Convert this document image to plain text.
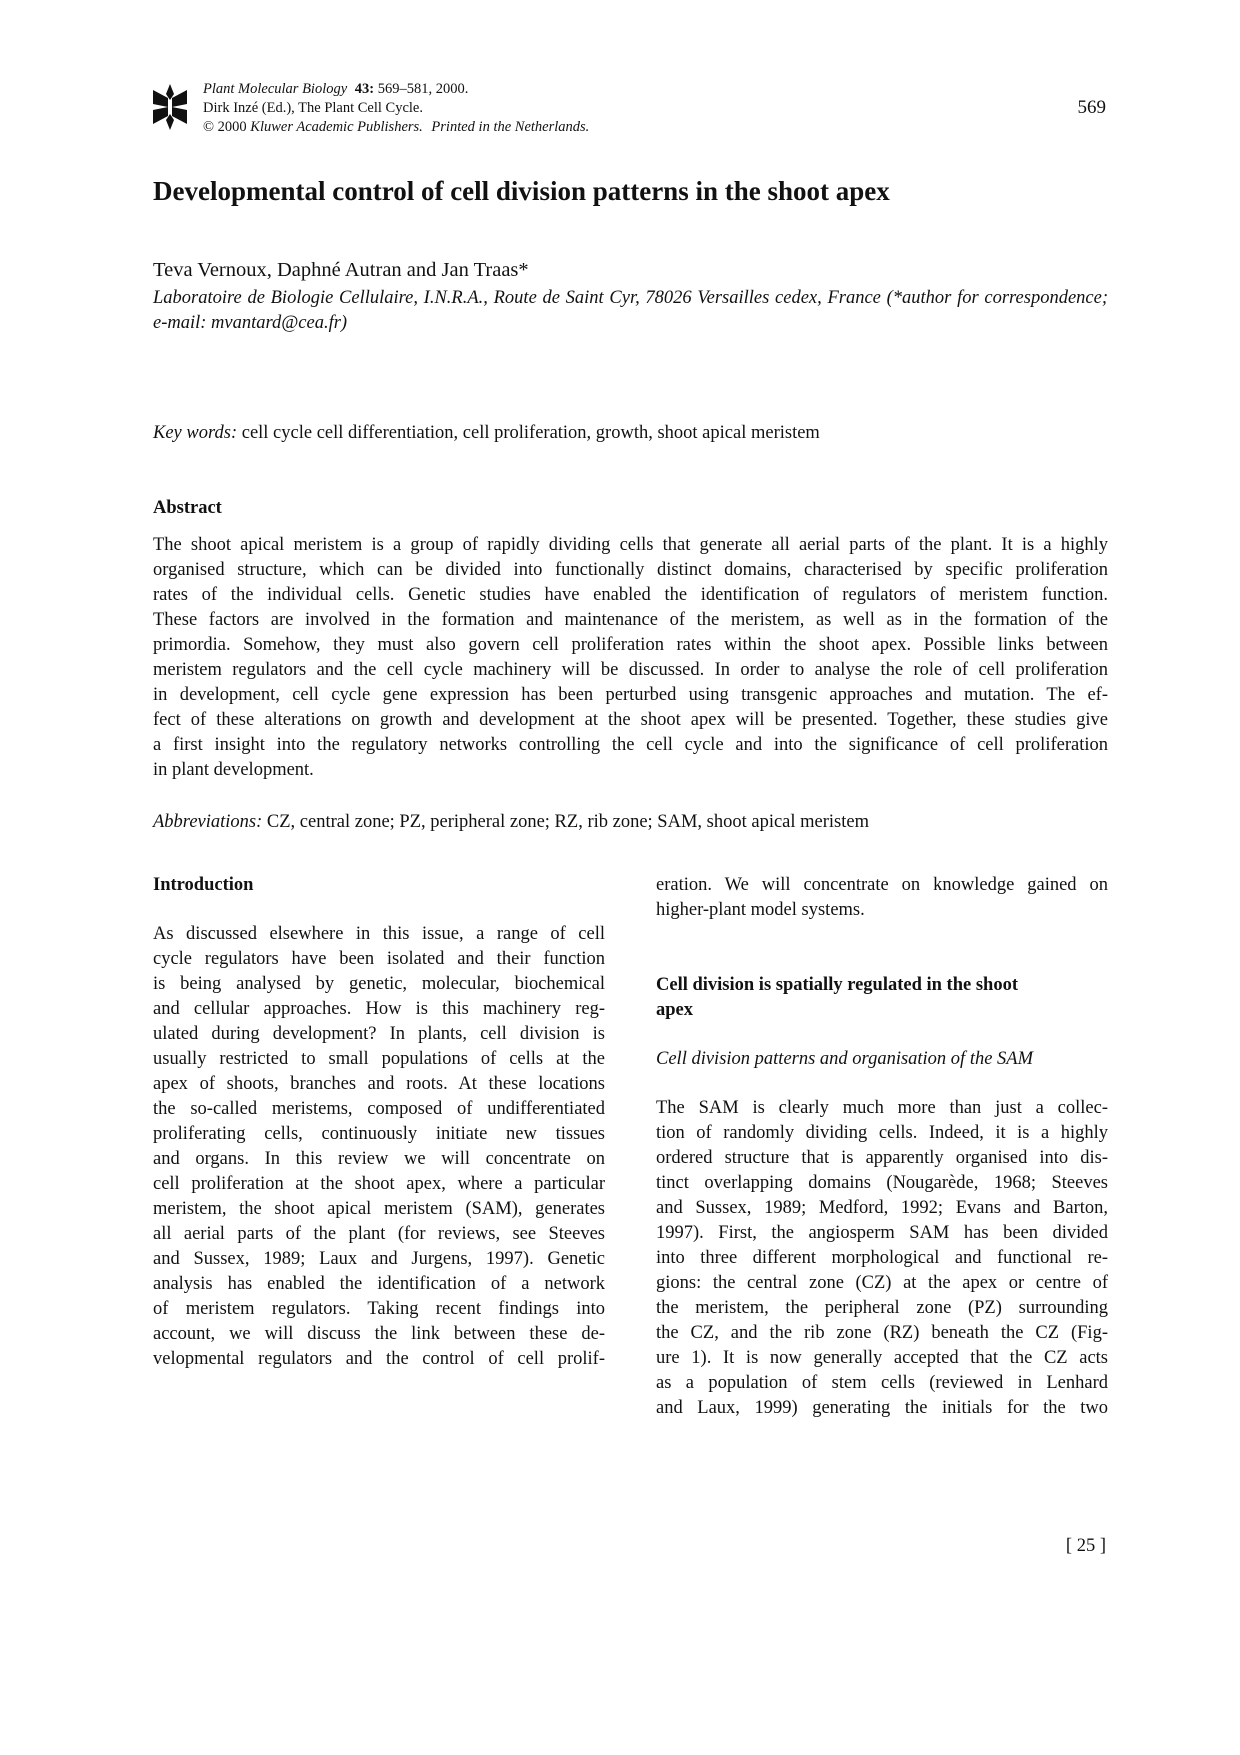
Plant Molecular Biology 43: 569–581, 2000.
Dirk Inzé (Ed.), The Plant Cell Cycle.
© 2000 Kluwer Academic Publishers. Printed in the Netherlands.
569
Developmental control of cell division patterns in the shoot apex
Teva Vernoux, Daphné Autran and Jan Traas*
Laboratoire de Biologie Cellulaire, I.N.R.A., Route de Saint Cyr, 78026 Versailles cedex, France (*author for correspondence; e-mail: mvantard@cea.fr)
Key words: cell cycle cell differentiation, cell proliferation, growth, shoot apical meristem
Abstract
The shoot apical meristem is a group of rapidly dividing cells that generate all aerial parts of the plant. It is a highly
organised structure, which can be divided into functionally distinct domains, characterised by specific proliferation
rates of the individual cells. Genetic studies have enabled the identification of regulators of meristem function.
These factors are involved in the formation and maintenance of the meristem, as well as in the formation of the
primordia. Somehow, they must also govern cell proliferation rates within the shoot apex. Possible links between
meristem regulators and the cell cycle machinery will be discussed. In order to analyse the role of cell proliferation
in development, cell cycle gene expression has been perturbed using transgenic approaches and mutation. The ef-
fect of these alterations on growth and development at the shoot apex will be presented. Together, these studies give
a first insight into the regulatory networks controlling the cell cycle and into the significance of cell proliferation
in plant development.
Abbreviations: CZ, central zone; PZ, peripheral zone; RZ, rib zone; SAM, shoot apical meristem
Introduction
As discussed elsewhere in this issue, a range of cell
cycle regulators have been isolated and their function
is being analysed by genetic, molecular, biochemical
and cellular approaches. How is this machinery reg-
ulated during development? In plants, cell division is
usually restricted to small populations of cells at the
apex of shoots, branches and roots. At these locations
the so-called meristems, composed of undifferentiated
proliferating cells, continuously initiate new tissues
and organs. In this review we will concentrate on
cell proliferation at the shoot apex, where a particular
meristem, the shoot apical meristem (SAM), generates
all aerial parts of the plant (for reviews, see Steeves
and Sussex, 1989; Laux and Jurgens, 1997). Genetic
analysis has enabled the identification of a network
of meristem regulators. Taking recent findings into
account, we will discuss the link between these de-
velopmental regulators and the control of cell prolif-
eration. We will concentrate on knowledge gained on
higher-plant model systems.
Cell division is spatially regulated in the shoot
apex
Cell division patterns and organisation of the SAM
The SAM is clearly much more than just a collec-
tion of randomly dividing cells. Indeed, it is a highly
ordered structure that is apparently organised into dis-
tinct overlapping domains (Nougarède, 1968; Steeves
and Sussex, 1989; Medford, 1992; Evans and Barton,
1997). First, the angiosperm SAM has been divided
into three different morphological and functional re-
gions: the central zone (CZ) at the apex or centre of
the meristem, the peripheral zone (PZ) surrounding
the CZ, and the rib zone (RZ) beneath the CZ (Fig-
ure 1). It is now generally accepted that the CZ acts
as a population of stem cells (reviewed in Lenhard
and Laux, 1999) generating the initials for the two
[ 25 ]
